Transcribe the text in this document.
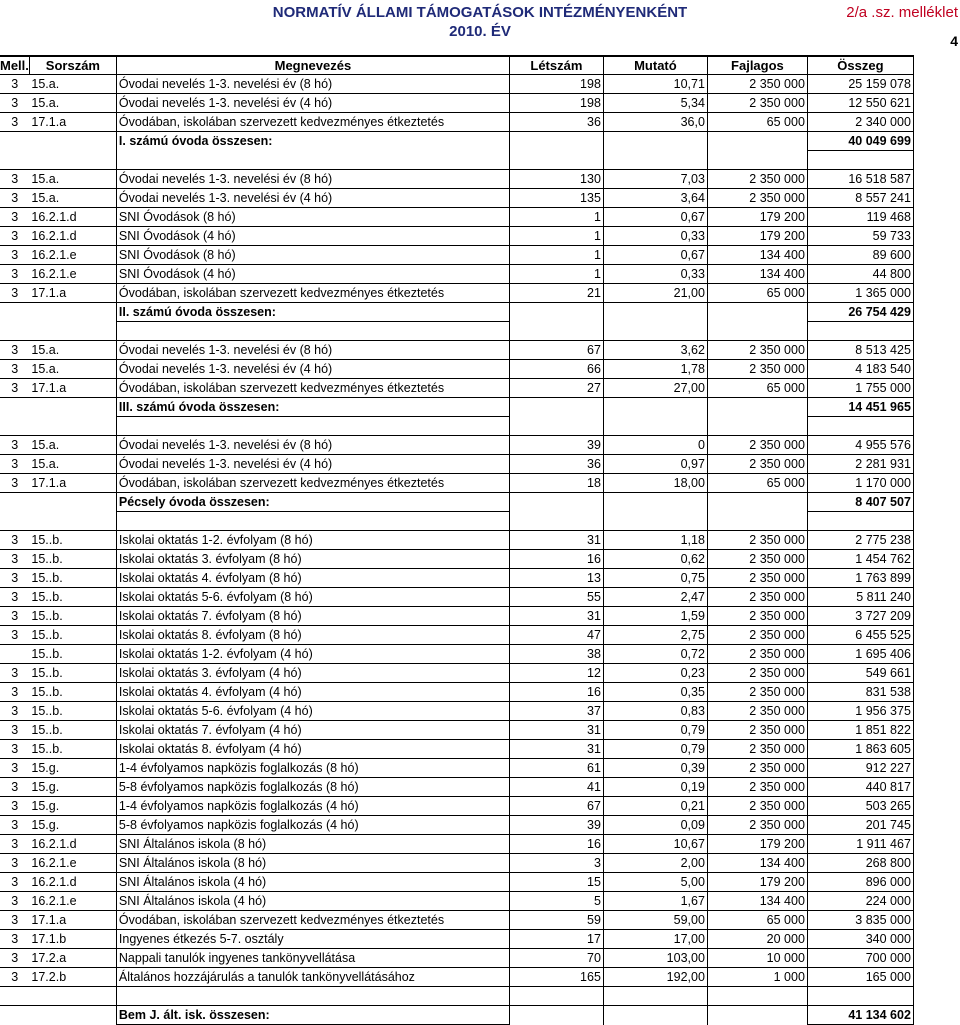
NORMATÍV ÁLLAMI TÁMOGATÁSOK INTÉZMÉNYENKÉNT
2010. ÉV
2/a .sz. melléklet
4
Mell.	Sorszám	Megnevezés	Létszám	Mutató	Fajlagos	Összeg
3	15.a.	Óvodai nevelés 1-3. nevelési év (8 hó)	198	10,71	2 350 000	25 159 078
3	15.a.	Óvodai nevelés 1-3. nevelési év (4 hó)	198	5,34	2 350 000	12 550 621
3	17.1.a	Óvodában, iskolában szervezett kedvezményes étkeztetés	36	36,0	65 000	2 340 000
		I. számú óvoda összesen:				40 049 699

3	15.a.	Óvodai nevelés 1-3. nevelési év (8 hó)	130	7,03	2 350 000	16 518 587
3	15.a.	Óvodai nevelés 1-3. nevelési év (4 hó)	135	3,64	2 350 000	8 557 241
3	16.2.1.d	SNI Óvodások (8 hó)	1	0,67	179 200	119 468
3	16.2.1.d	SNI Óvodások (4 hó)	1	0,33	179 200	59 733
3	16.2.1.e	SNI Óvodások (8 hó)	1	0,67	134 400	89 600
3	16.2.1.e	SNI Óvodások (4 hó)	1	0,33	134 400	44 800
3	17.1.a	Óvodában, iskolában szervezett kedvezményes étkeztetés	21	21,00	65 000	1 365 000
		II. számú óvoda összesen:				26 754 429

3	15.a.	Óvodai nevelés 1-3. nevelési év (8 hó)	67	3,62	2 350 000	8 513 425
3	15.a.	Óvodai nevelés 1-3. nevelési év (4 hó)	66	1,78	2 350 000	4 183 540
3	17.1.a	Óvodában, iskolában szervezett kedvezményes étkeztetés	27	27,00	65 000	1 755 000
		III. számú óvoda összesen:				14 451 965

3	15.a.	Óvodai nevelés 1-3. nevelési év (8 hó)	39	0	2 350 000	4 955 576
3	15.a.	Óvodai nevelés 1-3. nevelési év (4 hó)	36	0,97	2 350 000	2 281 931
3	17.1.a	Óvodában, iskolában szervezett kedvezményes étkeztetés	18	18,00	65 000	1 170 000
		Pécsely óvoda összesen:				8 407 507

3	15..b.	Iskolai oktatás 1-2. évfolyam (8 hó)	31	1,18	2 350 000	2 775 238
3	15..b.	Iskolai oktatás 3. évfolyam (8 hó)	16	0,62	2 350 000	1 454 762
3	15..b.	Iskolai oktatás 4. évfolyam (8 hó)	13	0,75	2 350 000	1 763 899
3	15..b.	Iskolai oktatás 5-6. évfolyam (8 hó)	55	2,47	2 350 000	5 811 240
3	15..b.	Iskolai oktatás 7. évfolyam (8 hó)	31	1,59	2 350 000	3 727 209
3	15..b.	Iskolai oktatás 8. évfolyam (8 hó)	47	2,75	2 350 000	6 455 525
	15..b.	Iskolai oktatás 1-2. évfolyam (4 hó)	38	0,72	2 350 000	1 695 406
3	15..b.	Iskolai oktatás 3. évfolyam (4 hó)	12	0,23	2 350 000	549 661
3	15..b.	Iskolai oktatás 4. évfolyam (4 hó)	16	0,35	2 350 000	831 538
3	15..b.	Iskolai oktatás 5-6. évfolyam (4 hó)	37	0,83	2 350 000	1 956 375
3	15..b.	Iskolai oktatás 7. évfolyam (4 hó)	31	0,79	2 350 000	1 851 822
3	15..b.	Iskolai oktatás 8. évfolyam (4 hó)	31	0,79	2 350 000	1 863 605
3	15.g.	1-4 évfolyamos napközis foglalkozás (8 hó)	61	0,39	2 350 000	912 227
3	15.g.	5-8 évfolyamos napközis foglalkozás (8 hó)	41	0,19	2 350 000	440 817
3	15.g.	1-4 évfolyamos napközis foglalkozás (4 hó)	67	0,21	2 350 000	503 265
3	15.g.	5-8 évfolyamos napközis foglalkozás (4 hó)	39	0,09	2 350 000	201 745
3	16.2.1.d	SNI Általános iskola (8 hó)	16	10,67	179 200	1 911 467
3	16.2.1.e	SNI Általános iskola (8 hó)	3	2,00	134 400	268 800
3	16.2.1.d	SNI Általános iskola (4 hó)	15	5,00	179 200	896 000
3	16.2.1.e	SNI Általános iskola (4 hó)	5	1,67	134 400	224 000
3	17.1.a	Óvodában, iskolában szervezett kedvezményes étkeztetés	59	59,00	65 000	3 835 000
3	17.1.b	Ingyenes étkezés 5-7. osztály	17	17,00	20 000	340 000
3	17.2.a	Nappali tanulók ingyenes tankönyvellátása	70	103,00	10 000	700 000
3	17.2.b	Általános hozzájárulás a tanulók tankönyvellátásához	165	192,00	1 000	165 000

		Bem J. ált. isk. összesen:				41 134 602
